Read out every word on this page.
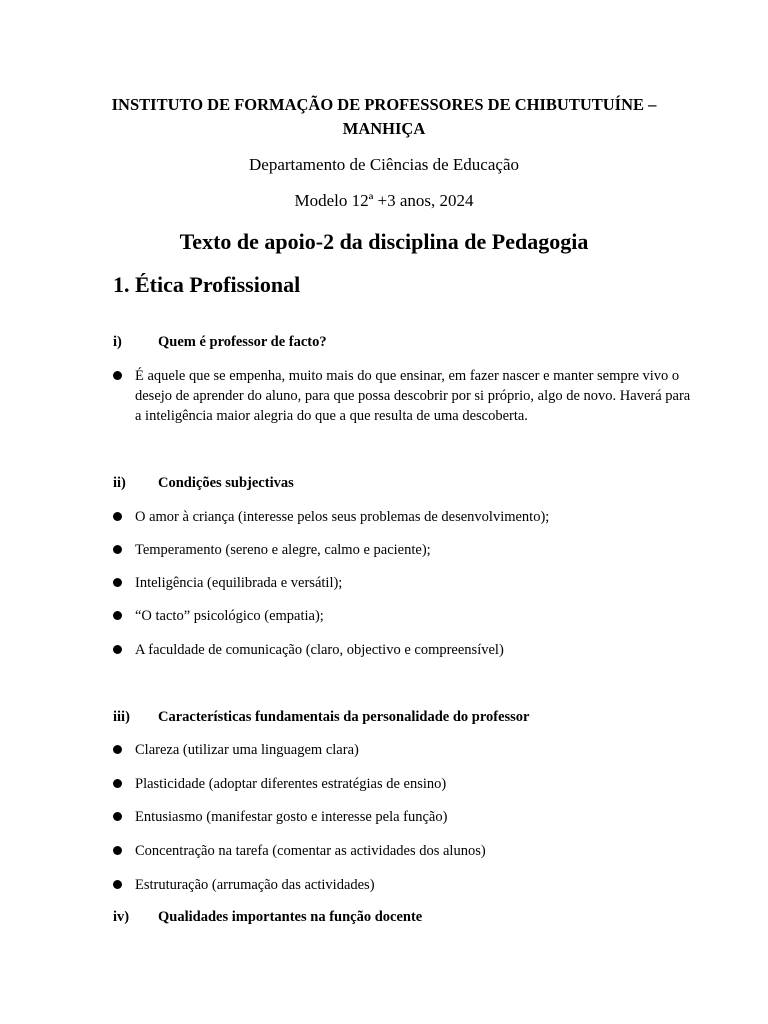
INSTITUTO DE FORMAÇÃO DE PROFESSORES DE CHIBUTUTUÍNE – MANHIÇA
Departamento de Ciências de Educação
Modelo 12ª +3 anos, 2024
Texto de apoio-2 da disciplina de Pedagogia
1. Ética Profissional
i) Quem é professor de facto?
É aquele que se empenha, muito mais do que ensinar, em fazer nascer e manter sempre vivo o desejo de aprender do aluno, para que possa descobrir por si próprio, algo de novo. Haverá para a inteligência maior alegria do que a que resulta de uma descoberta.
ii) Condições subjectivas
O amor à criança (interesse pelos seus problemas de desenvolvimento);
Temperamento (sereno e alegre, calmo e paciente);
Inteligência (equilibrada e versátil);
“O tacto” psicológico (empatia);
A faculdade de comunicação (claro, objectivo e compreensível)
iii) Características fundamentais da personalidade do professor
Clareza (utilizar uma linguagem clara)
Plasticidade (adoptar diferentes estratégias de ensino)
Entusiasmo (manifestar gosto e interesse pela função)
Concentração na tarefa (comentar as actividades dos alunos)
Estruturação (arrumação das actividades)
iv) Qualidades importantes na função docente
